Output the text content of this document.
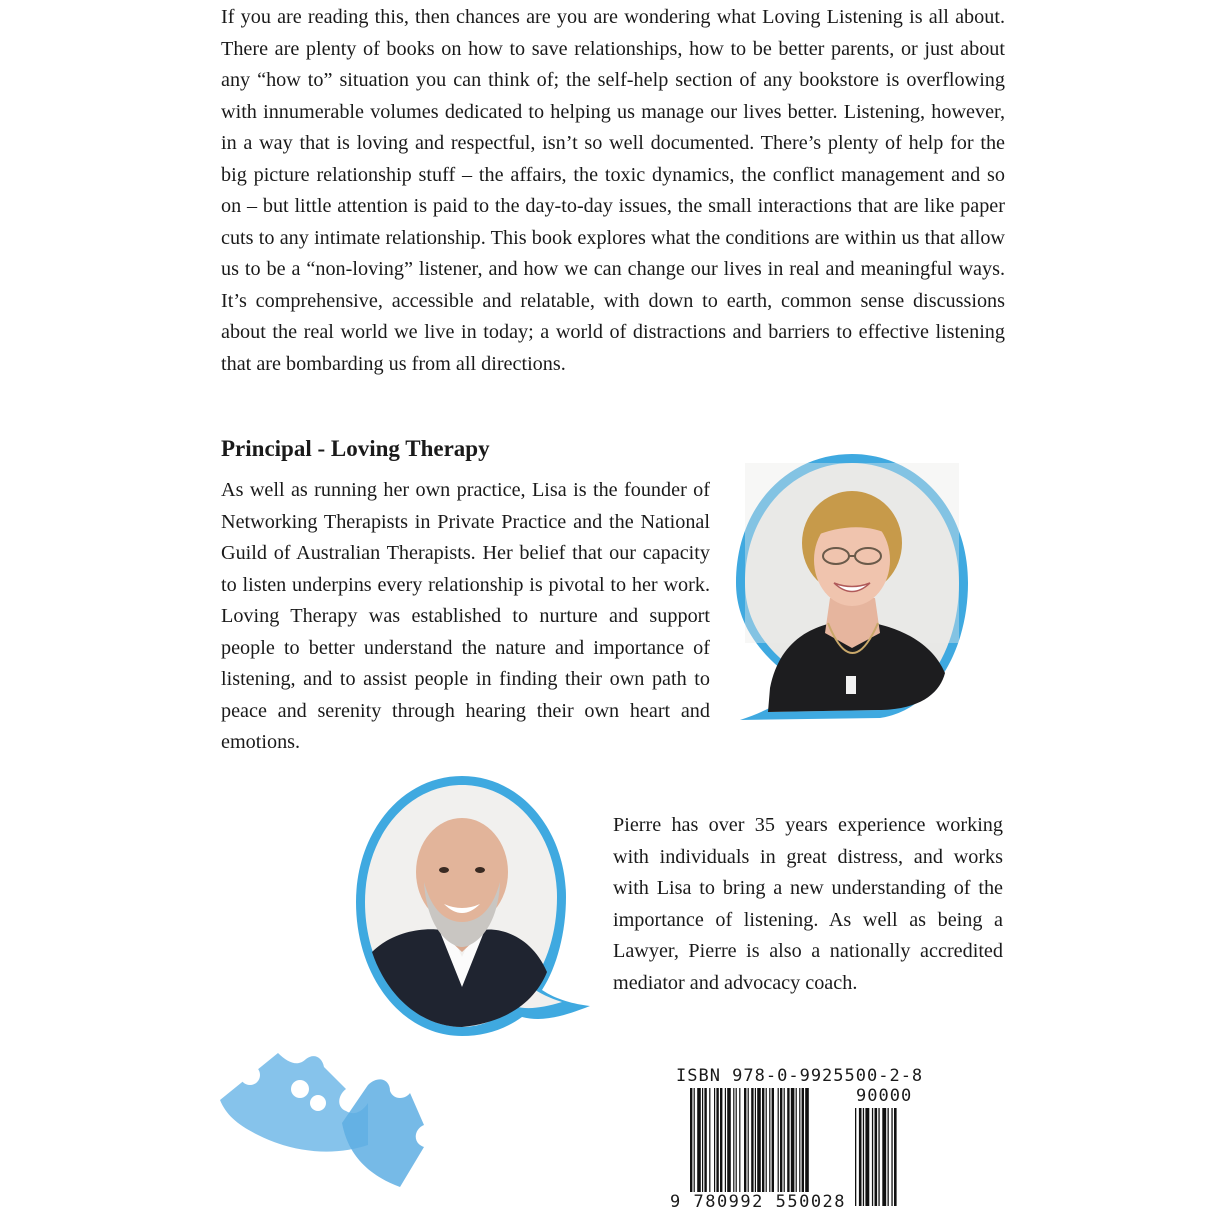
If you are reading this, then chances are you are wondering what Loving Listening is all about. There are plenty of books on how to save relationships, how to be better parents, or just about any “how to” situation you can think of; the self-help section of any bookstore is overflowing with innumerable volumes dedicated to helping us manage our lives better. Listening, however, in a way that is loving and respectful, isn’t so well documented. There’s plenty of help for the big picture relationship stuff – the affairs, the toxic dynamics, the conflict management and so on – but little attention is paid to the day-to-day issues, the small interactions that are like paper cuts to any intimate relationship. This book explores what the conditions are within us that allow us to be a “non-loving” listener, and how we can change our lives in real and meaningful ways. It’s comprehensive, accessible and relatable, with down to earth, common sense discussions about the real world we live in today; a world of distractions and barriers to effective listening that are bombarding us from all directions.

Principal - Loving Therapy

As well as running her own practice, Lisa is the founder of Networking Therapists in Private Practice and the National Guild of Australian Therapists. Her belief that our capacity to listen underpins every relationship is pivotal to her work. Loving Therapy was established to nurture and support people to better understand the nature and importance of listening, and to assist people in finding their own path to peace and serenity through hearing their own heart and emotions.

Pierre has over 35 years experience working with individuals in great distress, and works with Lisa to bring a new understanding of the importance of listening. As well as being a Lawyer, Pierre is also a nationally accredited mediator and advocacy coach.

ISBN 978-0-9925500-2-8
90000
9 780992 550028
